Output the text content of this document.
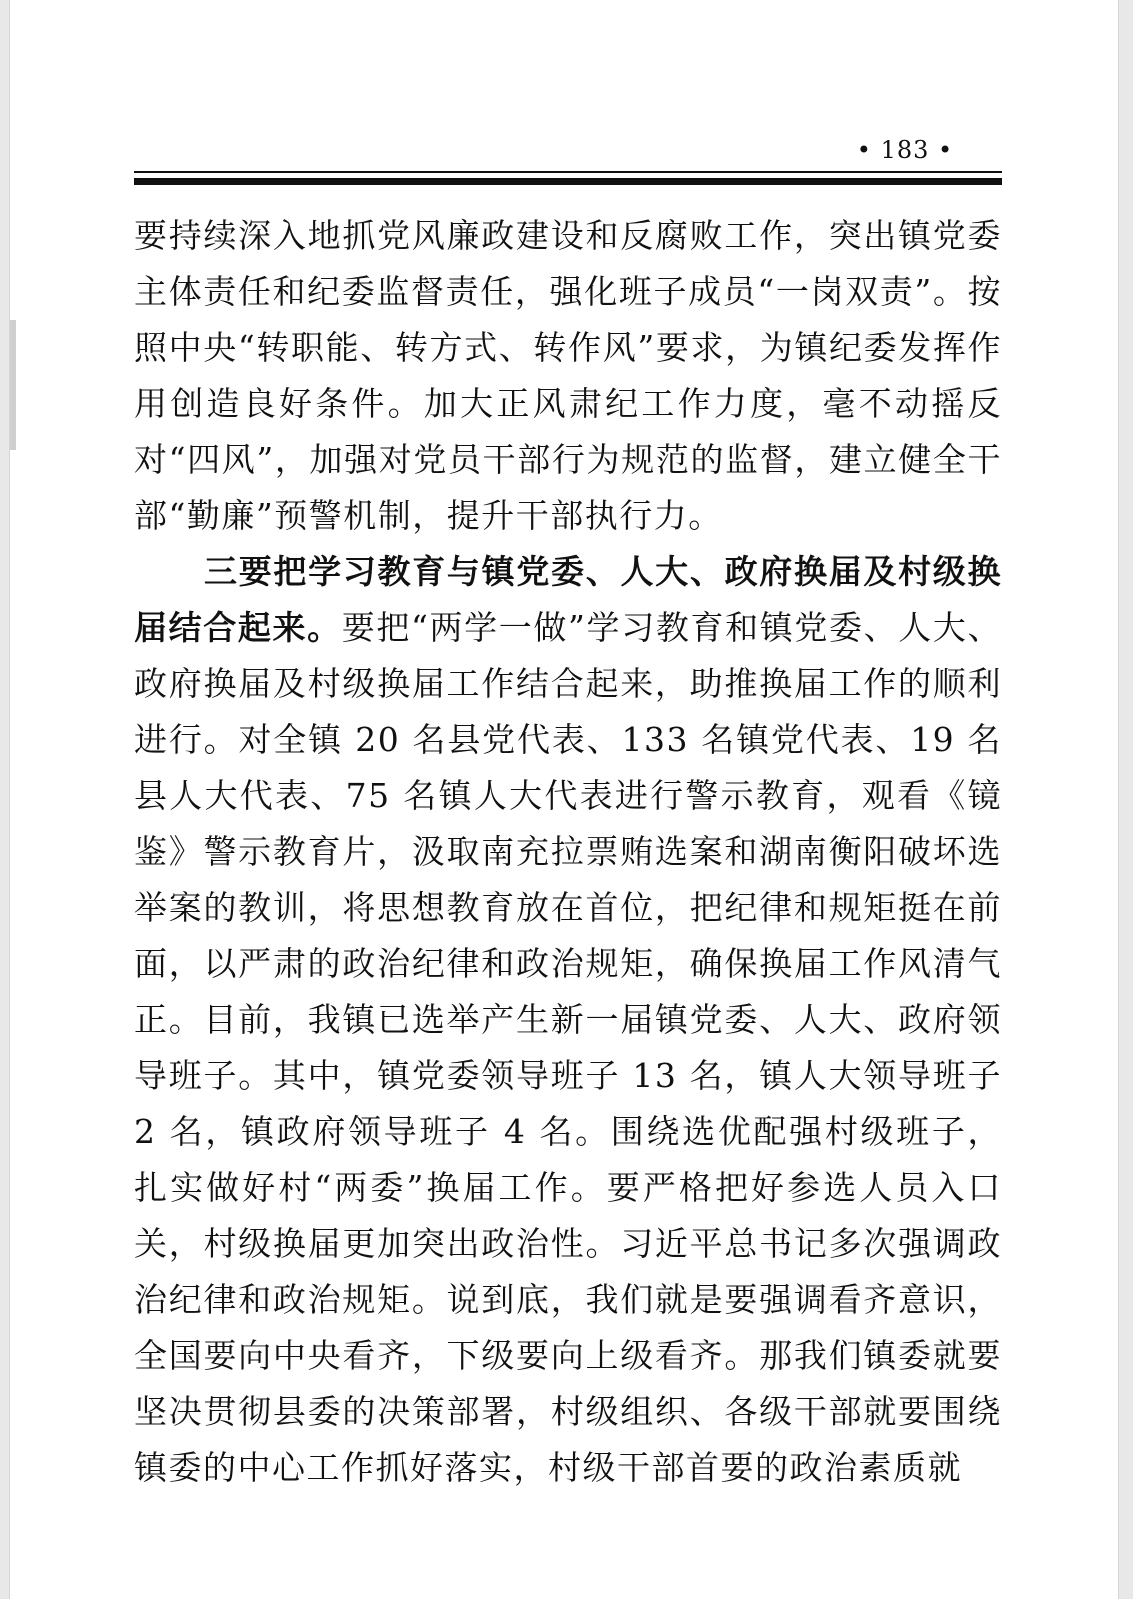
• 183 •

要持续深入地抓党风廉政建设和反腐败工作，突出镇党委主体责任和纪委监督责任，强化班子成员“一岗双责”。按照中央“转职能、转方式、转作风”要求，为镇纪委发挥作用创造良好条件。加大正风肃纪工作力度，毫不动摇反对“四风”，加强对党员干部行为规范的监督，建立健全干部“勤廉”预警机制，提升干部执行力。

三要把学习教育与镇党委、人大、政府换届及村级换届结合起来。要把“两学一做”学习教育和镇党委、人大、政府换届及村级换届工作结合起来，助推换届工作的顺利进行。对全镇 20 名县党代表、133 名镇党代表、19 名县人大代表、75 名镇人大代表进行警示教育，观看《镜鉴》警示教育片，汲取南充拉票贿选案和湖南衡阳破坏选举案的教训，将思想教育放在首位，把纪律和规矩挺在前面，以严肃的政治纪律和政治规矩，确保换届工作风清气正。目前，我镇已选举产生新一届镇党委、人大、政府领导班子。其中，镇党委领导班子 13 名，镇人大领导班子 2 名，镇政府领导班子 4 名。围绕选优配强村级班子，扎实做好村“两委”换届工作。要严格把好参选人员入口关，村级换届更加突出政治性。习近平总书记多次强调政治纪律和政治规矩。说到底，我们就是要强调看齐意识，全国要向中央看齐，下级要向上级看齐。那我们镇委就要坚决贯彻县委的决策部署，村级组织、各级干部就要围绕镇委的中心工作抓好落实，村级干部首要的政治素质就
